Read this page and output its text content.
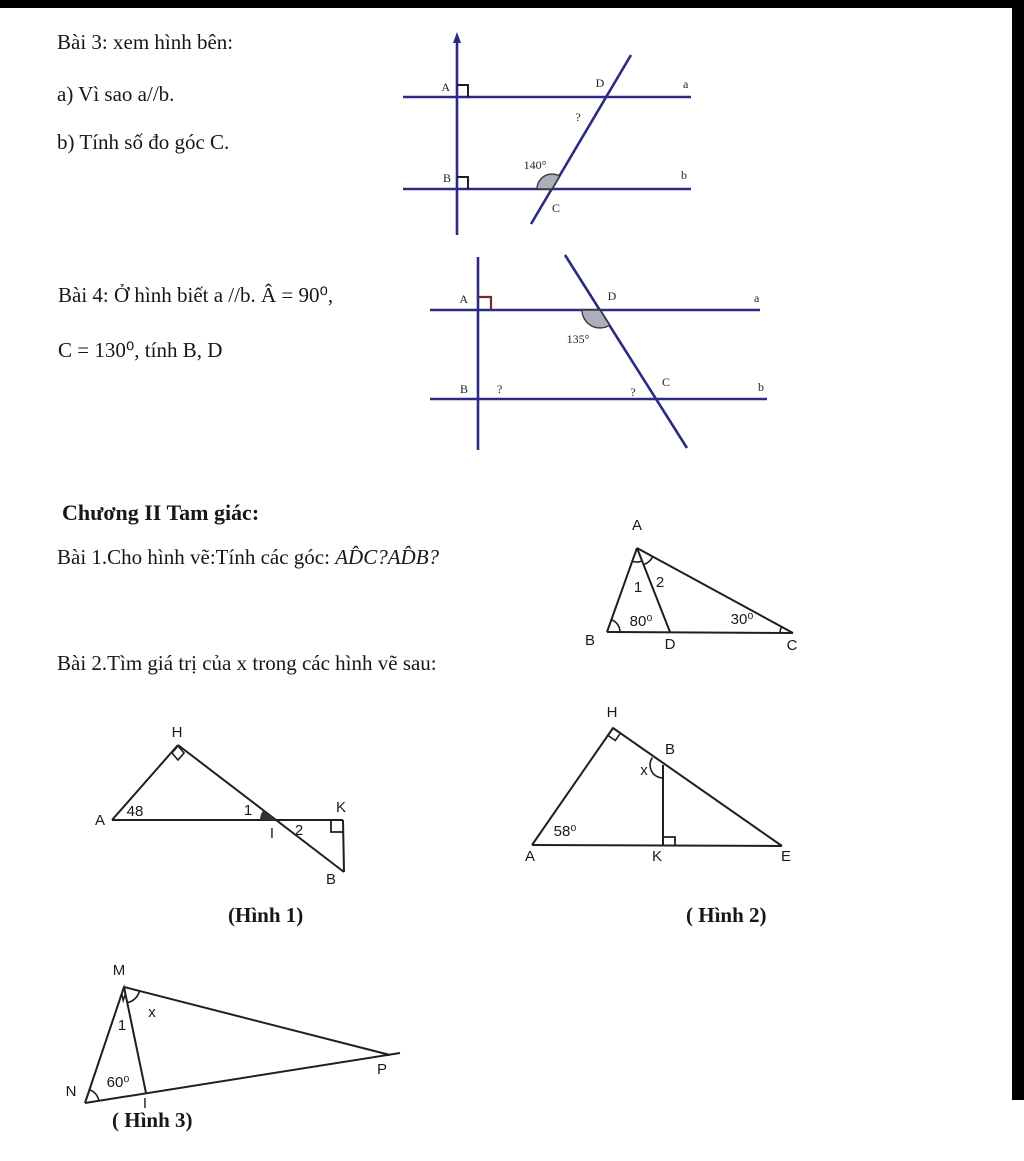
Bài 3: xem hình bên:
a) Vì sao a//b.
b) Tính số đo góc C.
Bài 4: Ở hình biết a //b. Â = 90⁰,
C = 130⁰, tính B, D
Chương II Tam giác:
Bài 1.Cho hình vẽ:Tính các góc: AD̂C?AD̂B?
Bài 2.Tìm giá trị của x trong các hình vẽ sau:
A
B
D	a
b
?
140°
C
A	D	a
135°
B ?	?
C	b
A
1 2
80⁰	30⁰
B	D	C
H
A
48	1	K
I 2
B
H
B
x
58⁰
A	K	E
M
1
x
N
60⁰
P
I
(Hình 1)	( Hình 2)
( Hình 3)
